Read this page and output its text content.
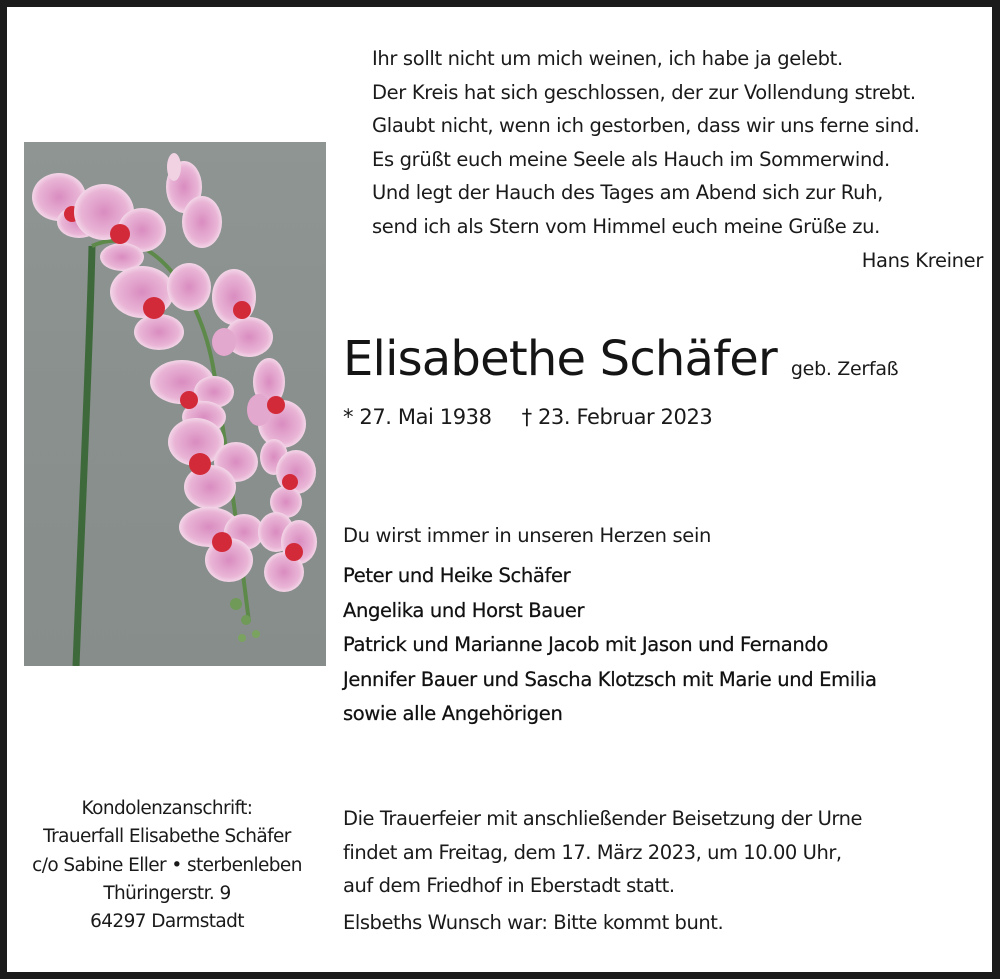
Ihr sollt nicht um mich weinen, ich habe ja gelebt.
Der Kreis hat sich geschlossen, der zur Vollendung strebt.
Glaubt nicht, wenn ich gestorben, dass wir uns ferne sind.
Es grüßt euch meine Seele als Hauch im Sommerwind.
Und legt der Hauch des Tages am Abend sich zur Ruh,
send ich als Stern vom Himmel euch meine Grüße zu.
Hans Kreiner
Elisabethe Schäfer geb. Zerfaß
* 27. Mai 1938 † 23. Februar 2023
Du wirst immer in unseren Herzen sein
Peter und Heike Schäfer
Angelika und Horst Bauer
Patrick und Marianne Jacob mit Jason und Fernando
Jennifer Bauer und Sascha Klotzsch mit Marie und Emilia
sowie alle Angehörigen
Kondolenzanschrift:
Trauerfall Elisabethe Schäfer
c/o Sabine Eller • sterbenleben
Thüringerstr. 9
64297 Darmstadt
Die Trauerfeier mit anschließender Beisetzung der Urne
findet am Freitag, dem 17. März 2023, um 10.00 Uhr,
auf dem Friedhof in Eberstadt statt.
Elsbeths Wunsch war: Bitte kommt bunt.
